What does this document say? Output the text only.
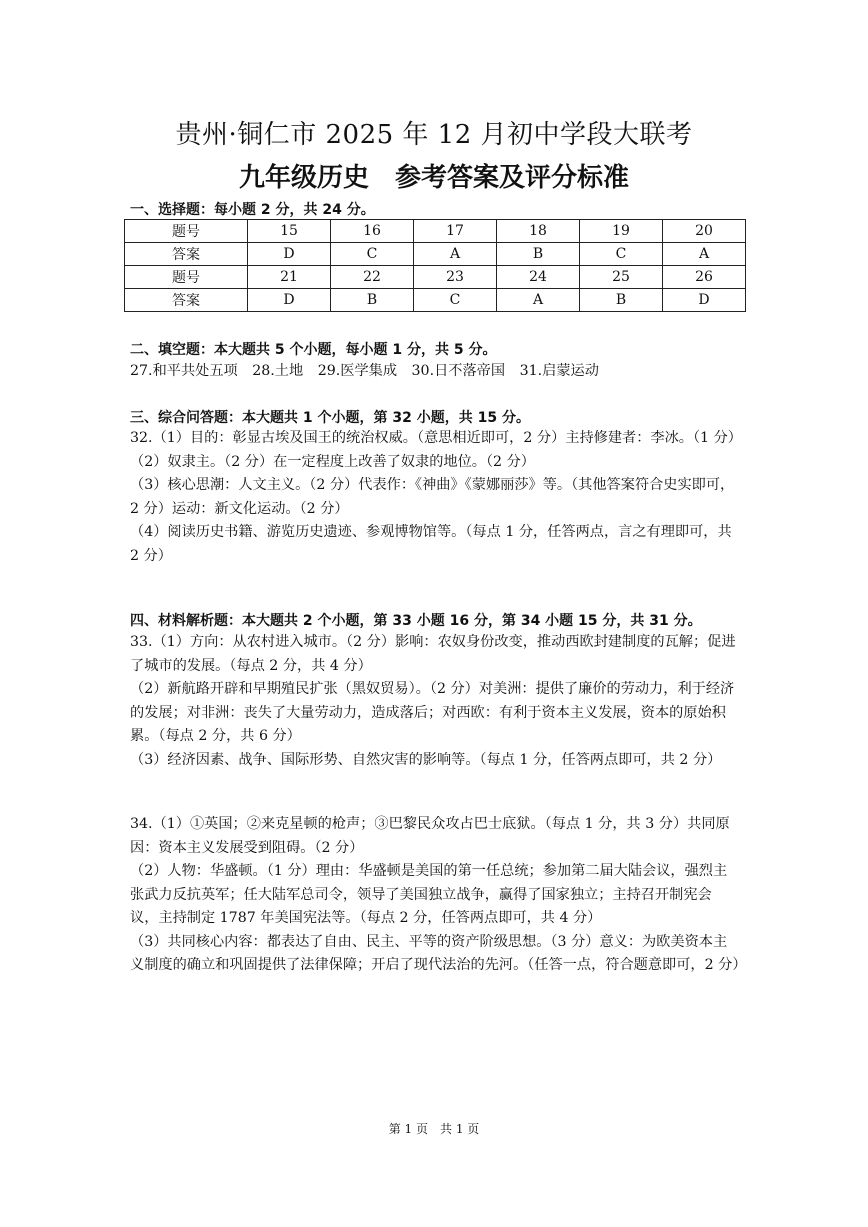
贵州·铜仁市 2025 年 12 月初中学段大联考
九年级历史　参考答案及评分标准
一、选择题：每小题 2 分，共 24 分。
题号	15	16	17	18	19	20
答案	D	C	A	B	C	A
题号	21	22	23	24	25	26
答案	D	B	C	A	B	D
二、填空题：本大题共 5 个小题，每小题 1 分，共 5 分。
27.和平共处五项 28.土地 29.医学集成 30.日不落帝国 31.启蒙运动
三、综合问答题：本大题共 1 个小题，第 32 小题，共 15 分。

32.（1）目的：彰显古埃及国王的统治权威。（意思相近即可，2 分）主持修建者：李冰。（1 分）

（2）奴隶主。（2 分）在一定程度上改善了奴隶的地位。（2 分）

（3）核心思潮：人文主义。（2 分）代表作：《神曲》《蒙娜丽莎》等。（其他答案符合史实即可，2 分）运动：新文化运动。（2 分）

（4）阅读历史书籍、游览历史遗迹、参观博物馆等。（每点 1 分，任答两点，言之有理即可，共 2 分）

四、材料解析题：本大题共 2 个小题，第 33 小题 16 分，第 34 小题 15 分，共 31 分。

33.（1）方向：从农村进入城市。（2 分）影响：农奴身份改变，推动西欧封建制度的瓦解；促进了城市的发展。（每点 2 分，共 4 分）

（2）新航路开辟和早期殖民扩张（黑奴贸易）。（2 分）对美洲：提供了廉价的劳动力，利于经济的发展；对非洲：丧失了大量劳动力，造成落后；对西欧：有利于资本主义发展，资本的原始积累。（每点 2 分，共 6 分）

（3）经济因素、战争、国际形势、自然灾害的影响等。（每点 1 分，任答两点即可，共 2 分）

34.（1）①英国；②来克星顿的枪声；③巴黎民众攻占巴士底狱。（每点 1 分，共 3 分）共同原因：资本主义发展受到阻碍。（2 分）

（2）人物：华盛顿。（1 分）理由：华盛顿是美国的第一任总统；参加第二届大陆会议，强烈主张武力反抗英军；任大陆军总司令，领导了美国独立战争，赢得了国家独立；主持召开制宪会议，主持制定 1787 年美国宪法等。（每点 2 分，任答两点即可，共 4 分）

（3）共同核心内容：都表达了自由、民主、平等的资产阶级思想。（3 分）意义：为欧美资本主义制度的确立和巩固提供了法律保障；开启了现代法治的先河。（任答一点，符合题意即可，2 分）

第 1 页　共 1 页
